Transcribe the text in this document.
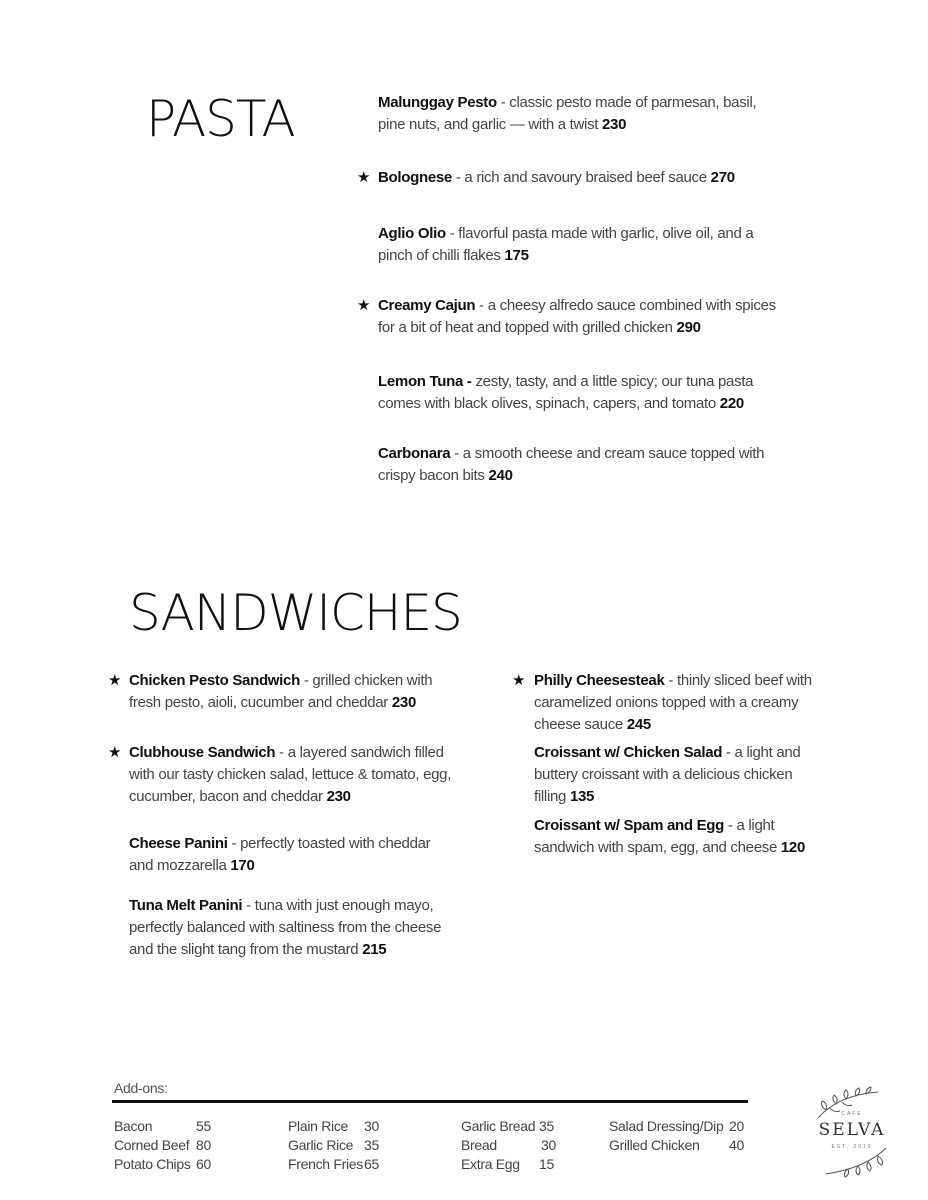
PASTA	Malunggay Pesto - classic pesto made of parmesan, basil, pine nuts, and garlic — with a twist 230
★ Bolognese - a rich and savoury braised beef sauce 270
Aglio Olio - flavorful pasta made with garlic, olive oil, and a pinch of chilli flakes 175
★ Creamy Cajun - a cheesy alfredo sauce combined with spices for a bit of heat and topped with grilled chicken 290
Lemon Tuna - zesty, tasty, and a little spicy; our tuna pasta comes with black olives, spinach, capers, and tomato 220
Carbonara - a smooth cheese and cream sauce topped with crispy bacon bits 240
SANDWICHES
★ Chicken Pesto Sandwich - grilled chicken with fresh pesto, aioli, cucumber and cheddar 230
★ Clubhouse Sandwich - a layered sandwich filled with our tasty chicken salad, lettuce & tomato, egg, cucumber, bacon and cheddar 230
Cheese Panini - perfectly toasted with cheddar and mozzarella 170
Tuna Melt Panini - tuna with just enough mayo, perfectly balanced with saltiness from the cheese and the slight tang from the mustard 215
★ Philly Cheesesteak - thinly sliced beef with caramelized onions topped with a creamy cheese sauce 245
Croissant w/ Chicken Salad - a light and buttery croissant with a delicious chicken filling 135
Croissant w/ Spam and Egg - a light sandwich with spam, egg, and cheese 120
Add-ons:
Bacon	55
Corned Beef 80
Potato Chips 60
Plain Rice	30
Garlic Rice 35
French Fries 65
Garlic Bread 35
Bread	30
Extra Egg	15
Salad Dressing/Dip 20
Grilled Chicken	40
CAFE
SELVA
EST. 2019
